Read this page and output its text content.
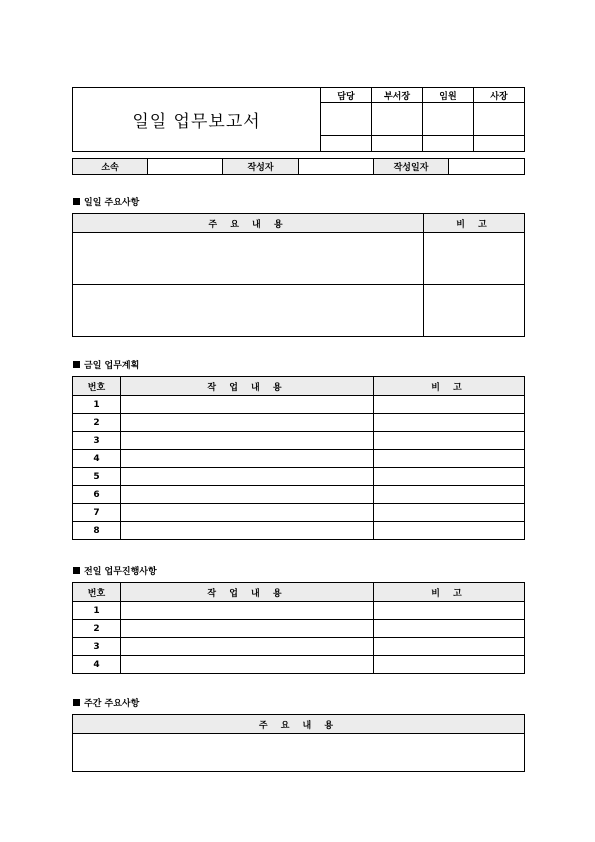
일일 업무보고서	담당	부서장	임원	사장

소속		작성자		작성일자	
일일 주요사항
주 요 내 용	비 고

금일 업무계획
번호	작 업 내 용	비 고
1		
2		
3		
4		
5		
6		
7		
8		
전일 업무진행사항
번호	작 업 내 용	비 고
1		
2		
3		
4		
주간 주요사항
주 요 내 용
